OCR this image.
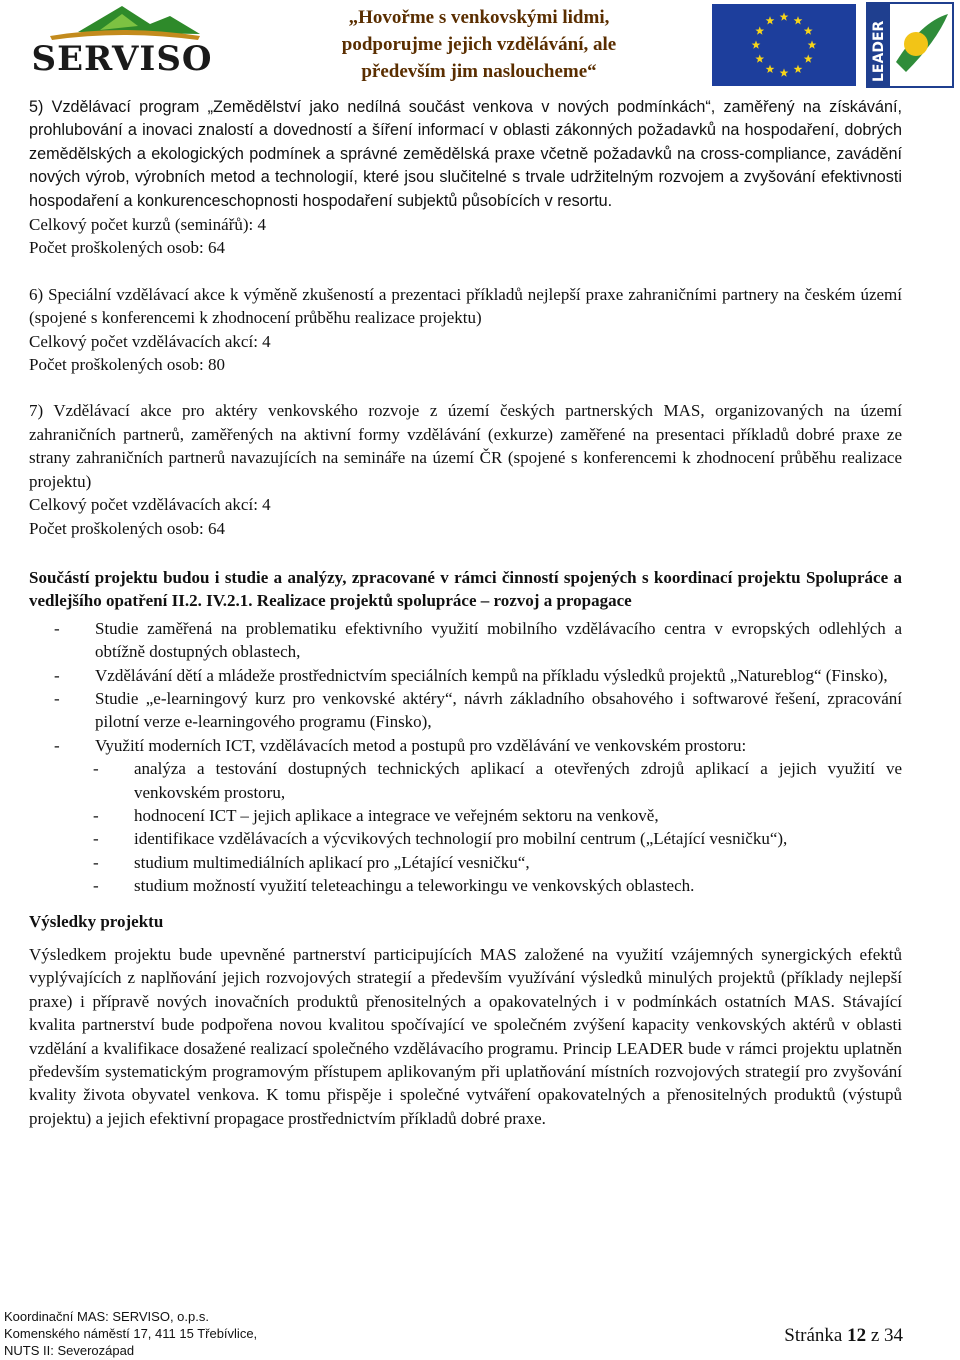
SERVISO
„Hovořme s venkovskými lidmi,
podporujme jejich vzdělávání, ale
především jim nasloucheme“	LEADER

5) Vzdělávací program „Zemědělství jako nedílná součást venkova v nových podmínkách“, zaměřený na získávání, prohlubování a inovaci znalostí a dovedností a šíření informací v oblasti zákonných požadavků na hospodaření, dobrých zemědělských a ekologických podmínek a správné zemědělská praxe včetně požadavků na cross-compliance, zavádění nových výrob, výrobních metod a technologií, které jsou slučitelné s trvale udržitelným rozvojem a zvyšování efektivnosti hospodaření a konkurenceschopnosti hospodaření subjektů působících v resortu.

Celkový počet kurzů (seminářů): 4

Počet proškolených osob: 64

6) Speciální vzdělávací akce k výměně zkušeností a prezentaci příkladů nejlepší praxe zahraničními partnery na českém území (spojené s konferencemi k zhodnocení průběhu realizace projektu)

Celkový počet vzdělávacích akcí: 4

Počet proškolených osob: 80

7) Vzdělávací akce pro aktéry venkovského rozvoje z území českých partnerských MAS, organizovaných na území zahraničních partnerů, zaměřených na aktivní formy vzdělávání (exkurze) zaměřené na presentaci příkladů dobré praxe ze strany zahraničních partnerů navazujících na semináře na území ČR (spojené s konferencemi k zhodnocení průběhu realizace projektu)

Celkový počet vzdělávacích akcí: 4

Počet proškolených osob: 64

Součástí projektu budou i studie a analýzy, zpracované v rámci činností spojených s koordinací projektu Spolupráce a vedlejšího opatření II.2. IV.2.1. Realizace projektů spolupráce – rozvoj a propagace

- Studie zaměřená na problematiku efektivního využití mobilního vzdělávacího centra v evropských odlehlých a obtížně dostupných oblastech,
- Vzdělávání dětí a mládeže prostřednictvím speciálních kempů na příkladu výsledků projektů „Natureblog“ (Finsko),
- Studie „e-learningový kurz pro venkovské aktéry“, návrh základního obsahového i softwarové řešení, zpracování pilotní verze e-learningového programu (Finsko),
- Využití moderních ICT, vzdělávacích metod a postupů pro vzdělávání ve venkovském prostoru:
- analýza a testování dostupných technických aplikací a otevřených zdrojů aplikací a jejich využití ve venkovském prostoru,
- hodnocení ICT – jejich aplikace a integrace ve veřejném sektoru na venkově,
- identifikace vzdělávacích a výcvikových technologií pro mobilní centrum („Létající vesničku“),
- studium multimediálních aplikací pro „Létající vesničku“,
- studium možností využití teleteachingu a teleworkingu ve venkovských oblastech.

Výsledky projektu

Výsledkem projektu bude upevněné partnerství participujících MAS založené na využití vzájemných synergických efektů vyplývajících z naplňování jejich rozvojových strategií a především využívání výsledků minulých projektů (příklady nejlepší praxe) i přípravě nových inovačních produktů přenositelných a opakovatelných i v podmínkách ostatních MAS. Stávající kvalita partnerství bude podpořena novou kvalitou spočívající ve společném zvýšení kapacity venkovských aktérů v oblasti vzdělání a kvalifikace dosažené realizací společného vzdělávacího programu. Princip LEADER bude v rámci projektu uplatněn především systematickým programovým přístupem aplikovaným při uplatňování místních rozvojových strategií pro zvyšování kvality života obyvatel venkova. K tomu přispěje i společné vytváření opakovatelných a přenositelných produktů (výstupů projektu) a jejich efektivní propagace prostřednictvím příkladů dobré praxe.

Koordinační MAS: SERVISO, o.p.s.
Komenského náměstí 17, 411 15 Třebívlice,
NUTS II: Severozápad
Stránka 12 z 34
